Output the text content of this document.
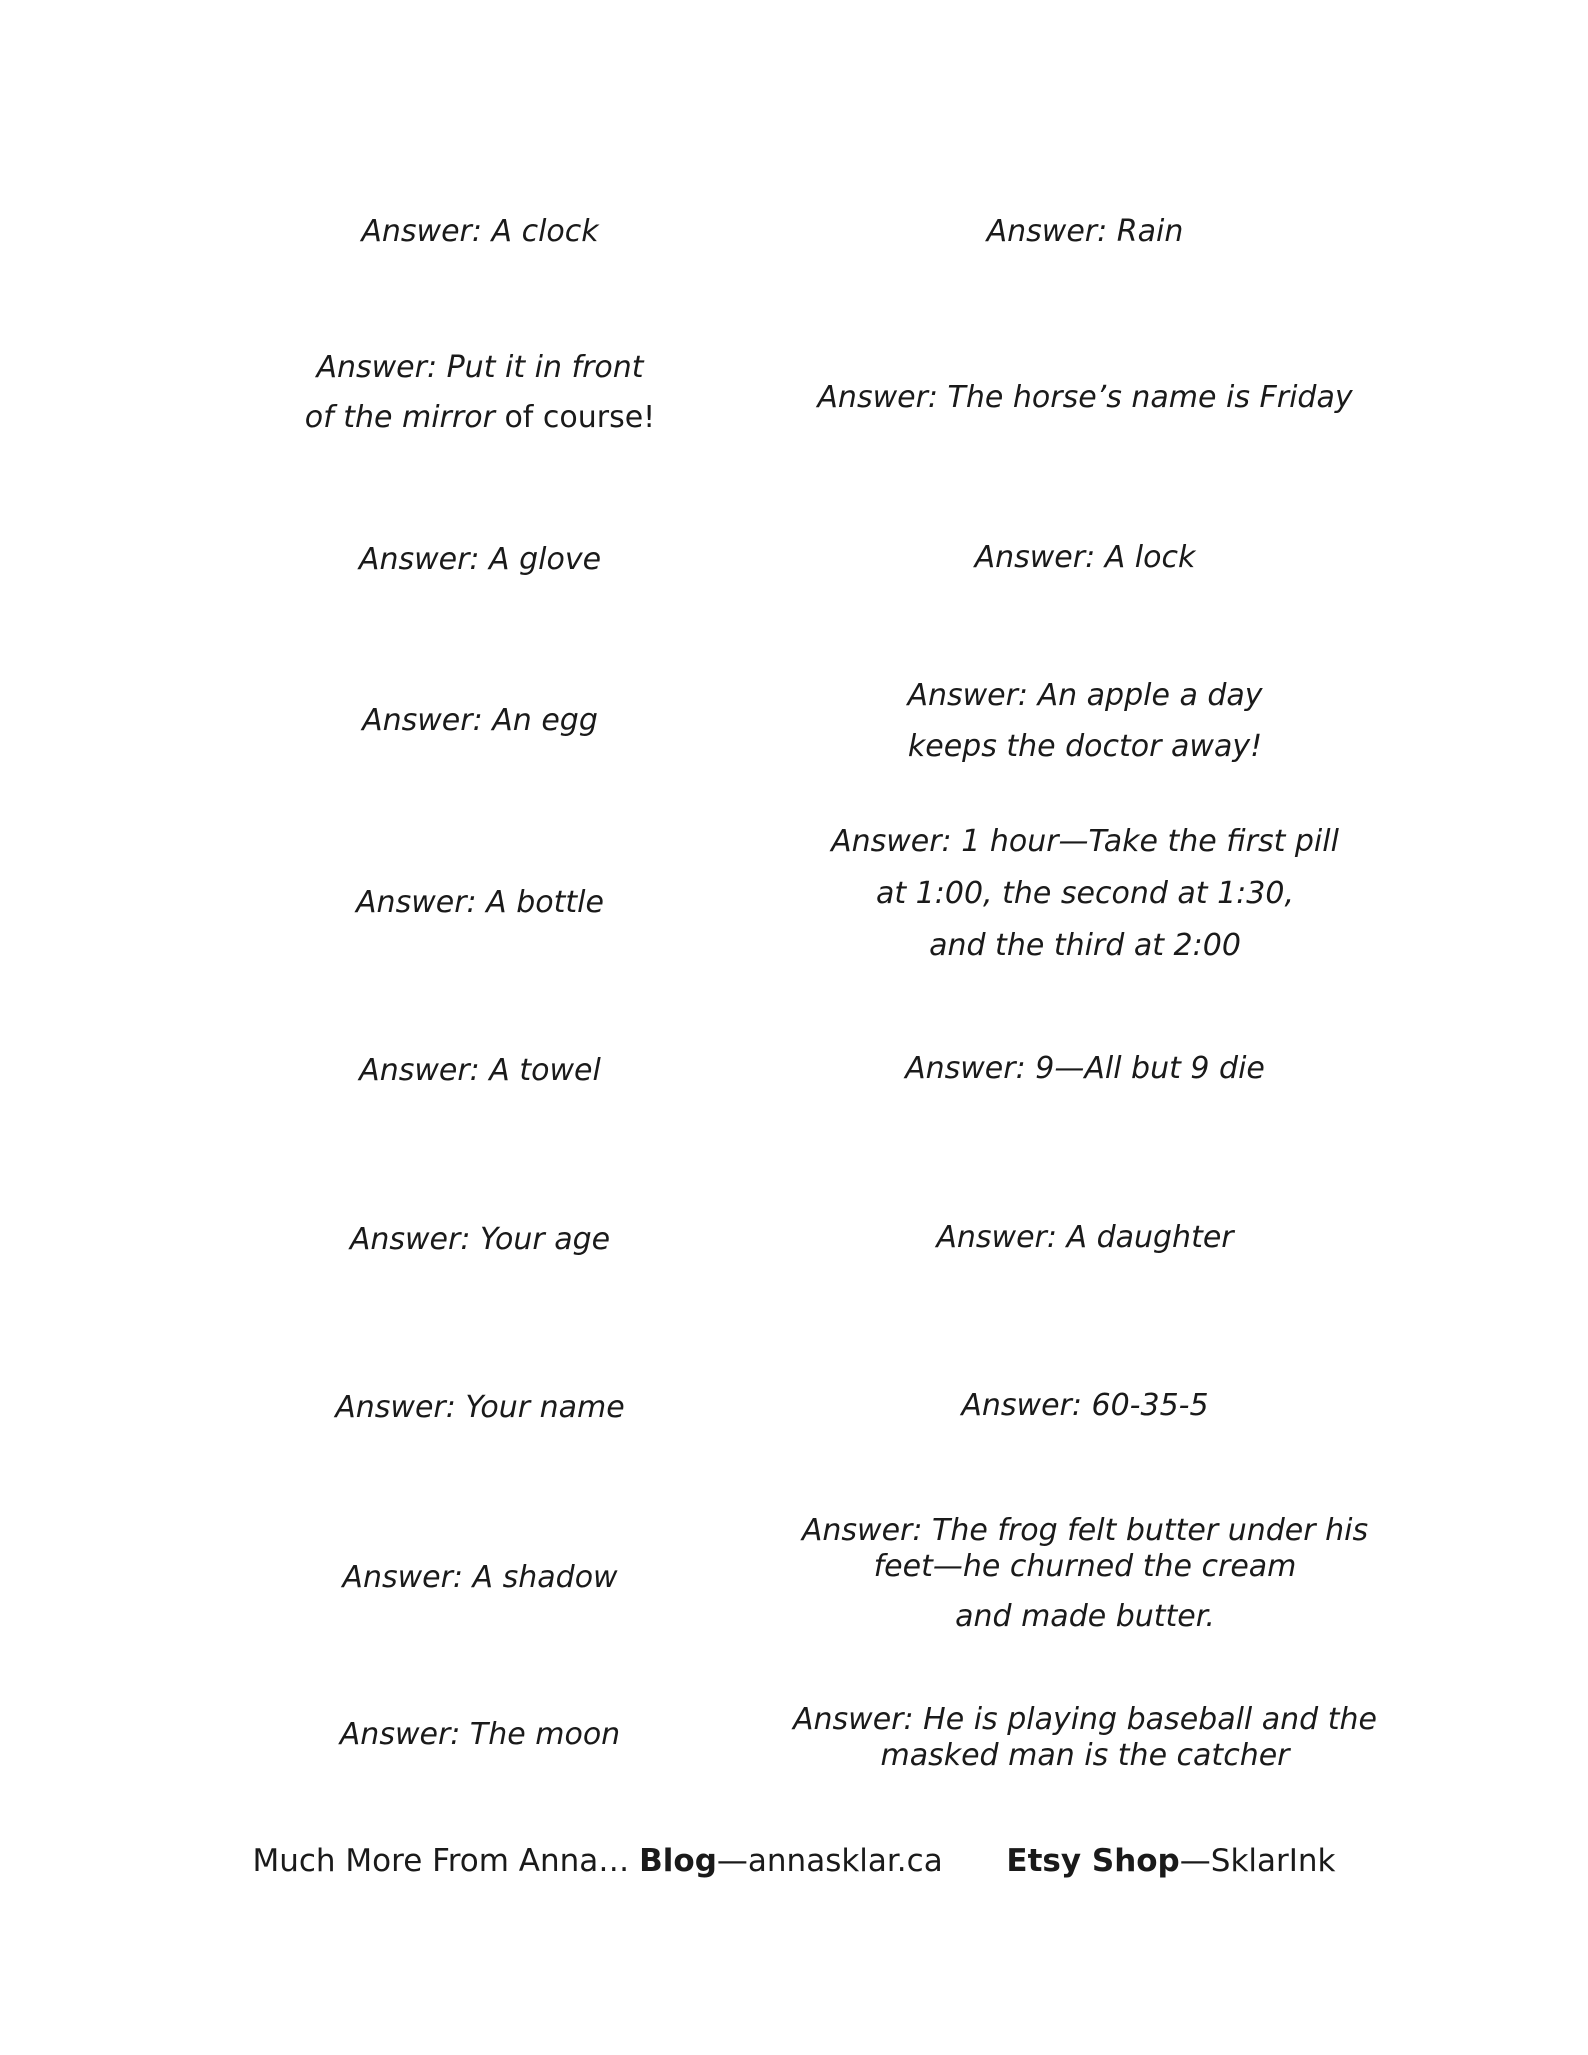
Answer: A clock
Answer: Put it in front
of the mirror of course!
Answer: A glove
Answer: An egg
Answer: A bottle
Answer: A towel
Answer: Your age
Answer: Your name
Answer: A shadow
Answer: The moon
Answer: Rain
Answer: The horse’s name is Friday
Answer: A lock
Answer: An apple a day
keeps the doctor away!
Answer: 1 hour—Take the first pill
at 1:00, the second at 1:30,
and the third at 2:00
Answer: 9—All but 9 die
Answer: A daughter
Answer: 60-35-5
Answer: The frog felt butter under his
feet—he churned the cream
and made butter.
Answer: He is playing baseball and the
masked man is the catcher
Much More From Anna… Blog—annasklar.ca Etsy Shop—SklarInk
